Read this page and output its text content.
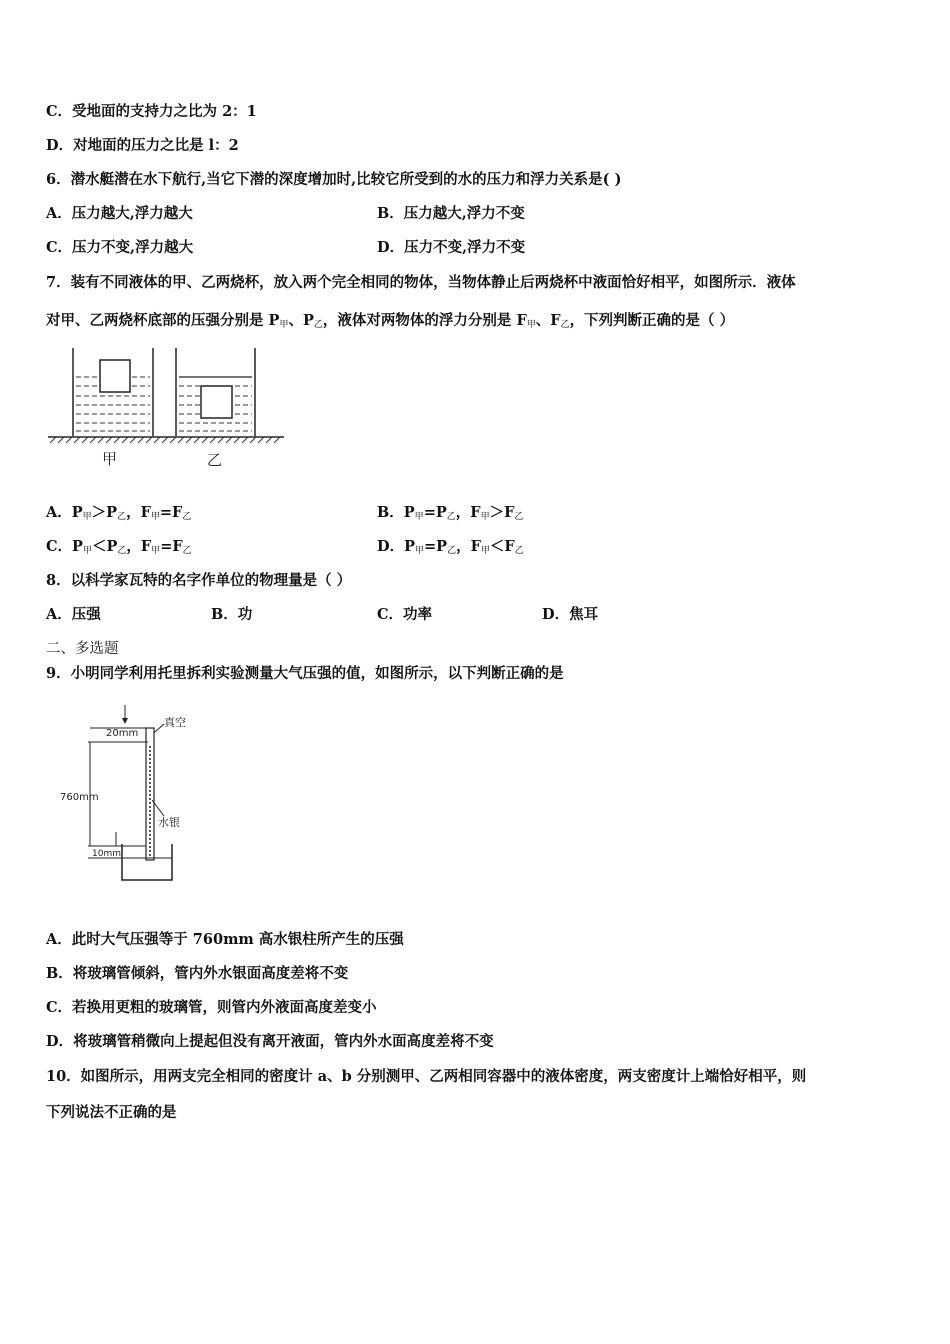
C．受地面的支持力之比为 2：1
D．对地面的压力之比是 l：2
6．潜水艇潜在水下航行,当它下潜的深度增加时,比较它所受到的水的压力和浮力关系是( )
A．压力越大,浮力越大	B．压力越大,浮力不变
C．压力不变,浮力越大	D．压力不变,浮力不变
7．装有不同液体的甲、乙两烧杯，放入两个完全相同的物体，当物体静止后两烧杯中液面恰好相平，如图所示．液体
对甲、乙两烧杯底部的压强分别是 $P_甲$、$P_乙$，液体对两物体的浮力分别是 $F_甲$、$F_乙$，下列判断正确的是（ ）
甲	乙
A．$P_甲>P_乙$，$F_甲=F_乙$	B．$P_甲=P_乙$，$F_甲>F_乙$
C．$P_甲<P_乙$，$F_甲=F_乙$	D．$P_甲=P_乙$，$F_甲<F_乙$
8．以科学家瓦特的名字作单位的物理量是（ ）
A．压强	B．功	C．功率	D．焦耳
二、多选题
9．小明同学利用托里拆利实验测量大气压强的值，如图所示，以下判断正确的是
20mm
真空
760mm
水银
10mm
A．此时大气压强等于 760mm 高水银柱所产生的压强
B．将玻璃管倾斜，管内外水银面高度差将不变
C．若换用更粗的玻璃管，则管内外液面高度差变小
D．将玻璃管稍微向上提起但没有离开液面，管内外水面高度差将不变
10．如图所示，用两支完全相同的密度计 a、b 分别测甲、乙两相同容器中的液体密度，两支密度计上端恰好相平，则
下列说法不正确的是
